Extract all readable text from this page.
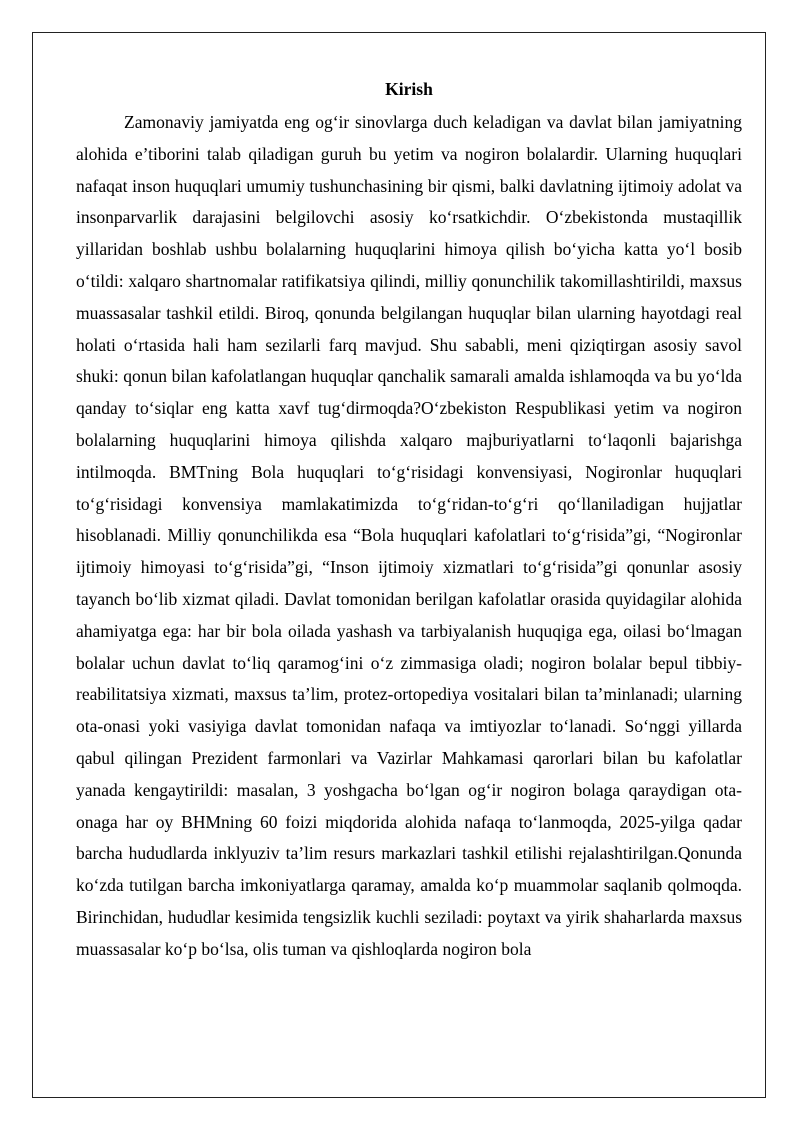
Kirish

Zamonaviy jamiyatda eng og‘ir sinovlarga duch keladigan va davlat bilan jamiyatning alohida e’tiborini talab qiladigan guruh bu yetim va nogiron bolalardir. Ularning huquqlari nafaqat inson huquqlari umumiy tushunchasining bir qismi, balki davlatning ijtimoiy adolat va insonparvarlik darajasini belgilovchi asosiy ko‘rsatkichdir. O‘zbekistonda mustaqillik yillaridan boshlab ushbu bolalarning huquqlarini himoya qilish bo‘yicha katta yo‘l bosib o‘tildi: xalqaro shartnomalar ratifikatsiya qilindi, milliy qonunchilik takomillashtirildi, maxsus muassasalar tashkil etildi. Biroq, qonunda belgilangan huquqlar bilan ularning hayotdagi real holati o‘rtasida hali ham sezilarli farq mavjud. Shu sababli, meni qiziqtirgan asosiy savol shuki: qonun bilan kafolatlangan huquqlar qanchalik samarali amalda ishlamoqda va bu yo‘lda qanday to‘siqlar eng katta xavf tug‘dirmoqda?O‘zbekiston Respublikasi yetim va nogiron bolalarning huquqlarini himoya qilishda xalqaro majburiyatlarni to‘laqonli bajarishga intilmoqda. BMTning Bola huquqlari to‘g‘risidagi konvensiyasi, Nogironlar huquqlari to‘g‘risidagi konvensiya mamlakatimizda to‘g‘ridan-to‘g‘ri qo‘llaniladigan hujjatlar hisoblanadi. Milliy qonunchilikda esa “Bola huquqlari kafolatlari to‘g‘risida”gi, “Nogironlar ijtimoiy himoyasi to‘g‘risida”gi, “Inson ijtimoiy xizmatlari to‘g‘risida”gi qonunlar asosiy tayanch bo‘lib xizmat qiladi. Davlat tomonidan berilgan kafolatlar orasida quyidagilar alohida ahamiyatga ega: har bir bola oilada yashash va tarbiyalanish huquqiga ega, oilasi bo‘lmagan bolalar uchun davlat to‘liq qaramog‘ini o‘z zimmasiga oladi; nogiron bolalar bepul tibbiy-reabilitatsiya xizmati, maxsus ta’lim, protez-ortopediya vositalari bilan ta’minlanadi; ularning ota-onasi yoki vasiyiga davlat tomonidan nafaqa va imtiyozlar to‘lanadi. So‘nggi yillarda qabul qilingan Prezident farmonlari va Vazirlar Mahkamasi qarorlari bilan bu kafolatlar yanada kengaytirildi: masalan, 3 yoshgacha bo‘lgan og‘ir nogiron bolaga qaraydigan ota-onaga har oy BHMning 60 foizi miqdorida alohida nafaqa to‘lanmoqda, 2025-yilga qadar barcha hududlarda inklyuziv ta’lim resurs markazlari tashkil etilishi rejalashtirilgan.Qonunda ko‘zda tutilgan barcha imkoniyatlarga qaramay, amalda ko‘p muammolar saqlanib qolmoqda. Birinchidan, hududlar kesimida tengsizlik kuchli seziladi: poytaxt va yirik shaharlarda maxsus muassasalar ko‘p bo‘lsa, olis tuman va qishloqlarda nogiron bola
